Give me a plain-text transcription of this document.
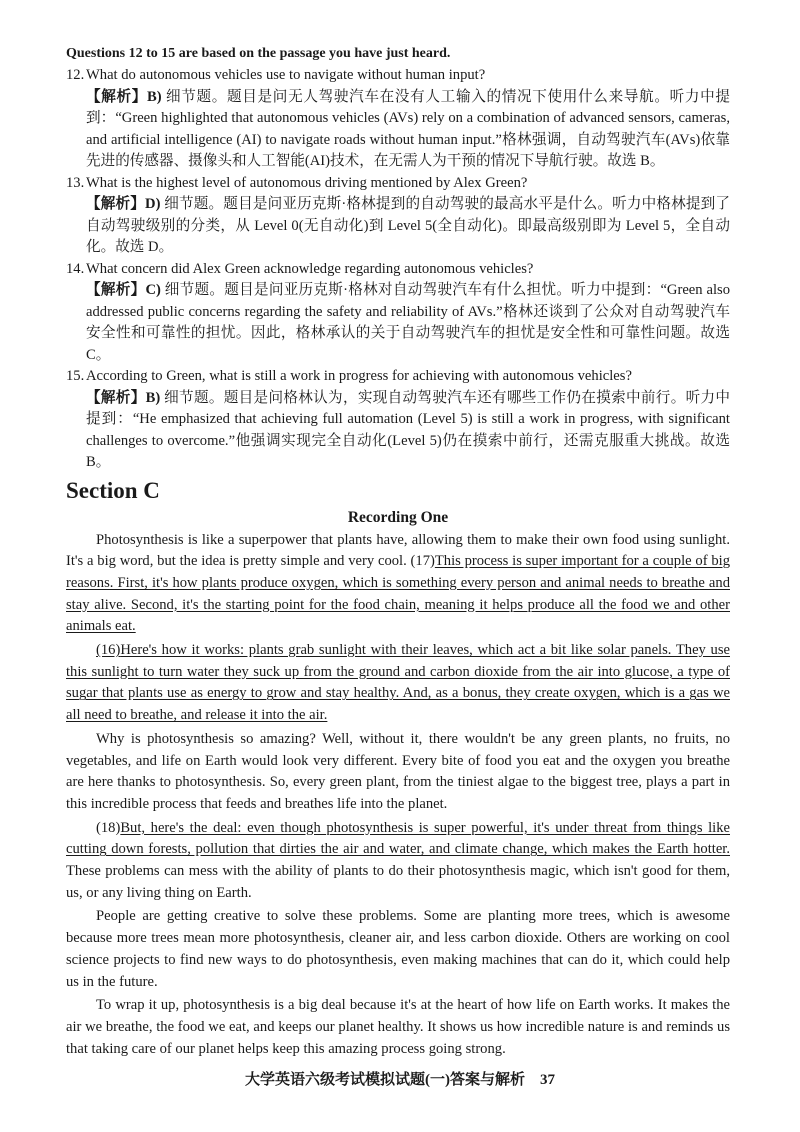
Questions 12 to 15 are based on the passage you have just heard.

12. What do autonomous vehicles use to navigate without human input?

【解析】B) 细节题。题目是问无人驾驶汽车在没有人工输入的情况下使用什么来导航。听力中提到：“Green highlighted that autonomous vehicles (AVs) rely on a combination of advanced sensors, cameras, and artificial intelligence (AI) to navigate roads without human input.”格林强调，自动驾驶汽车(AVs)依靠先进的传感器、摄像头和人工智能(AI)技术，在无需人为干预的情况下导航行驶。故选 B。

13. What is the highest level of autonomous driving mentioned by Alex Green?

【解析】D) 细节题。题目是问亚历克斯·格林提到的自动驾驶的最高水平是什么。听力中格林提到了自动驾驶级别的分类，从 Level 0(无自动化)到 Level 5(全自动化)。即最高级别即为 Level 5，全自动化。故选 D。

14. What concern did Alex Green acknowledge regarding autonomous vehicles?

【解析】C) 细节题。题目是问亚历克斯·格林对自动驾驶汽车有什么担忧。听力中提到：“Green also addressed public concerns regarding the safety and reliability of AVs.”格林还谈到了公众对自动驾驶汽车安全性和可靠性的担忧。因此，格林承认的关于自动驾驶汽车的担忧是安全性和可靠性问题。故选 C。

15. According to Green, what is still a work in progress for achieving with autonomous vehicles?

【解析】B) 细节题。题目是问格林认为，实现自动驾驶汽车还有哪些工作仍在摸索中前行。听力中提到：“He emphasized that achieving full automation (Level 5) is still a work in progress, with significant challenges to overcome.”他强调实现完全自动化(Level 5)仍在摸索中前行，还需克服重大挑战。故选 B。

Section C
Recording One

Photosynthesis is like a superpower that plants have, allowing them to make their own food using sunlight. It's a big word, but the idea is pretty simple and very cool. (17)This process is super important for a couple of big reasons. First, it's how plants produce oxygen, which is something every person and animal needs to breathe and stay alive. Second, it's the starting point for the food chain, meaning it helps produce all the food we and other animals eat.

(16)Here's how it works: plants grab sunlight with their leaves, which act a bit like solar panels. They use this sunlight to turn water they suck up from the ground and carbon dioxide from the air into glucose, a type of sugar that plants use as energy to grow and stay healthy. And, as a bonus, they create oxygen, which is a gas we all need to breathe, and release it into the air.

Why is photosynthesis so amazing? Well, without it, there wouldn't be any green plants, no fruits, no vegetables, and life on Earth would look very different. Every bite of food you eat and the oxygen you breathe are here thanks to photosynthesis. So, every green plant, from the tiniest algae to the biggest tree, plays a part in this incredible process that feeds and breathes life into the planet.

(18)But, here's the deal: even though photosynthesis is super powerful, it's under threat from things like cutting down forests, pollution that dirties the air and water, and climate change, which makes the Earth hotter. These problems can mess with the ability of plants to do their photosynthesis magic, which isn't good for them, us, or any living thing on Earth.

People are getting creative to solve these problems. Some are planting more trees, which is awesome because more trees mean more photosynthesis, cleaner air, and less carbon dioxide. Others are working on cool science projects to find new ways to do photosynthesis, even making machines that can do it, which could help us in the future.

To wrap it up, photosynthesis is a big deal because it's at the heart of how life on Earth works. It makes the air we breathe, the food we eat, and keeps our planet healthy. It shows us how incredible nature is and reminds us that taking care of our planet helps keep this amazing process going strong.

大学英语六级考试模拟试题(一)答案与解析　37
